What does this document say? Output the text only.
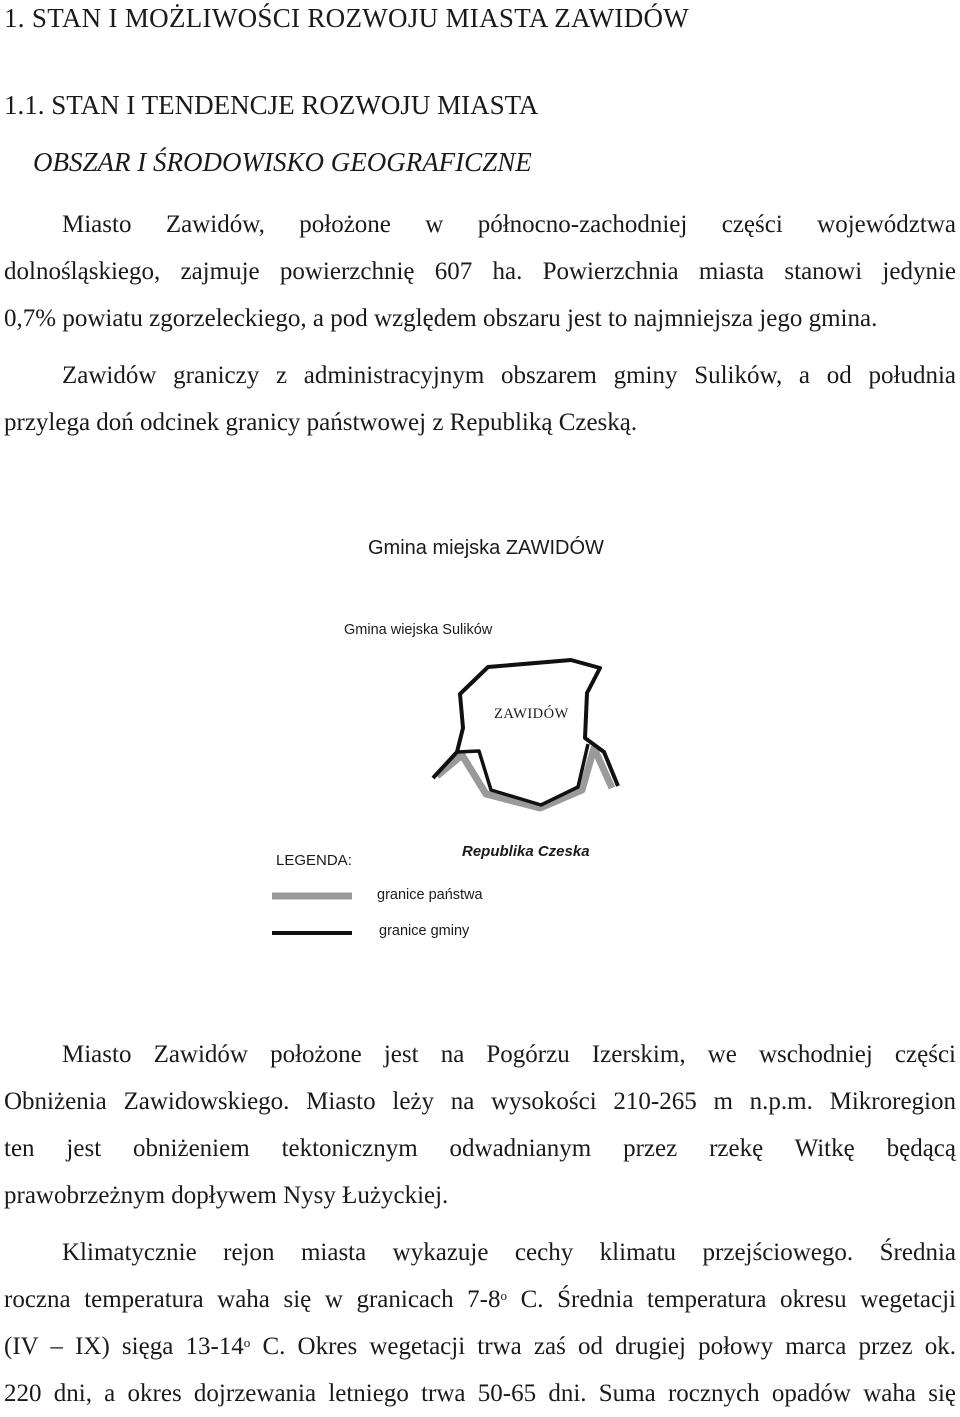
1. STAN I MOŻLIWOŚCI ROZWOJU MIASTA ZAWIDÓW
1.1. STAN I TENDENCJE ROZWOJU MIASTA
OBSZAR I ŚRODOWISKO GEOGRAFICZNE
Miasto Zawidów, położone w północno-zachodniej części województwa
dolnośląskiego, zajmuje powierzchnię 607 ha. Powierzchnia miasta stanowi jedynie
0,7% powiatu zgorzeleckiego, a pod względem obszaru jest to najmniejsza jego gmina.
Zawidów graniczy z administracyjnym obszarem gminy Sulików, a od południa
przylega doń odcinek granicy państwowej z Republiką Czeską.
Gmina miejska ZAWIDÓW
Gmina wiejska Sulików
ZAWIDÓW
LEGENDA:
Republika Czeska
granice państwa
granice gminy
Miasto Zawidów położone jest na Pogórzu Izerskim, we wschodniej części
Obniżenia Zawidowskiego. Miasto leży na wysokości 210-265 m n.p.m. Mikroregion
ten jest obniżeniem tektonicznym odwadnianym przez rzekę Witkę będącą
prawobrzeżnym dopływem Nysy Łużyckiej.
Klimatycznie rejon miasta wykazuje cechy klimatu przejściowego. Średnia
roczna temperatura waha się w granicach 7-8$^o$ C. Średnia temperatura okresu wegetacji
(IV – IX) sięga 13-14$^o$ C. Okres wegetacji trwa zaś od drugiej połowy marca przez ok.
220 dni, a okres dojrzewania letniego trwa 50-65 dni. Suma rocznych opadów waha się
